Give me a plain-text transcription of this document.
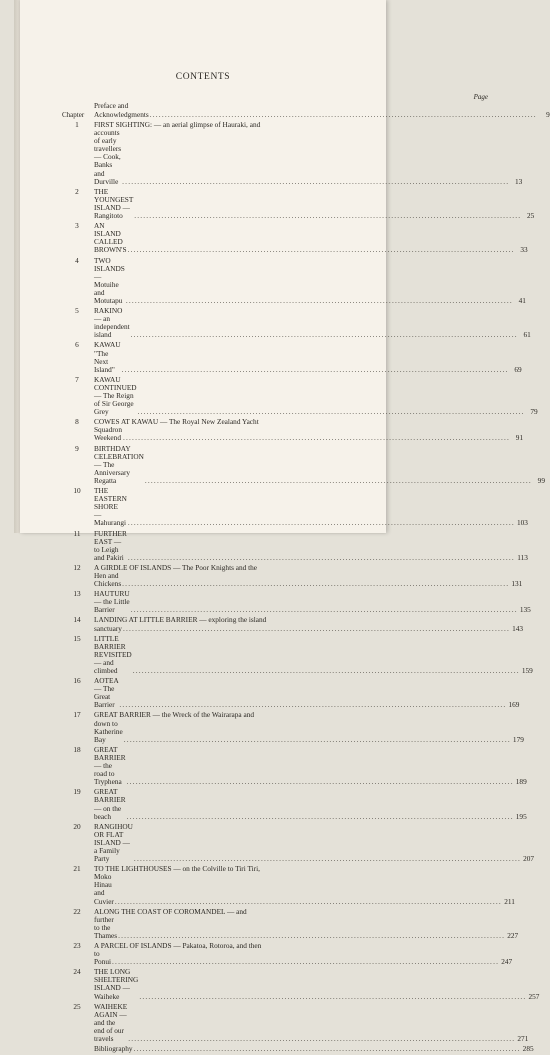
CONTENTS
Page
Preface and Acknowledgments .....	9
Chapter
1	FIRST SIGHTING: — an aerial glimpse of Hauraki, and
accounts of early travellers — Cook, Banks and Durville .....	13
2	THE YOUNGEST ISLAND — Rangitoto .....	25
3	AN ISLAND CALLED BROWN'S .....	33
4	TWO ISLANDS — Motuihe and Motutapu .....	41
5	RAKINO — an independent island .....	61
6	KAWAU "The Next Island" .....	69
7	KAWAU CONTINUED — The Reign of Sir George Grey .....	79
8	COWES AT KAWAU — The Royal New Zealand Yacht
Squadron Weekend .....	91
9	BIRTHDAY CELEBRATION — The Anniversary Regatta .....	99
10	THE EASTERN SHORE — Mahurangi .....	103
11	FURTHER EAST — to Leigh and Pakiri .....	113
12	A GIRDLE OF ISLANDS — The Poor Knights and the
Hen and Chickens .....	131
13	HAUTURU — the Little Barrier .....	135
14	LANDING AT LITTLE BARRIER — exploring the island
sanctuary .....	143
15	LITTLE BARRIER REVISITED — and climbed .....	159
16	AOTEA — The Great Barrier .....	169
17	GREAT BARRIER — the Wreck of the Wairarapa and
down to Katherine Bay .....	179
18	GREAT BARRIER — the road to Tryphena .....	189
19	GREAT BARRIER — on the beach .....	195
20	RANGIHOU OR FLAT ISLAND — a Family Party .....	207
21	TO THE LIGHTHOUSES — on the Colville to Tiri Tiri,
Moko Hinau and Cuvier .....	211
22	ALONG THE COAST OF COROMANDEL — and
further to the Thames .....	227
23	A PARCEL OF ISLANDS — Pakatoa, Rotoroa, and then
to Ponui .....	247
24	THE LONG SHELTERING ISLAND — Waiheke .....	257
25	WAIHEKE AGAIN — and the end of our travels .....	271
Bibliography .....	285
